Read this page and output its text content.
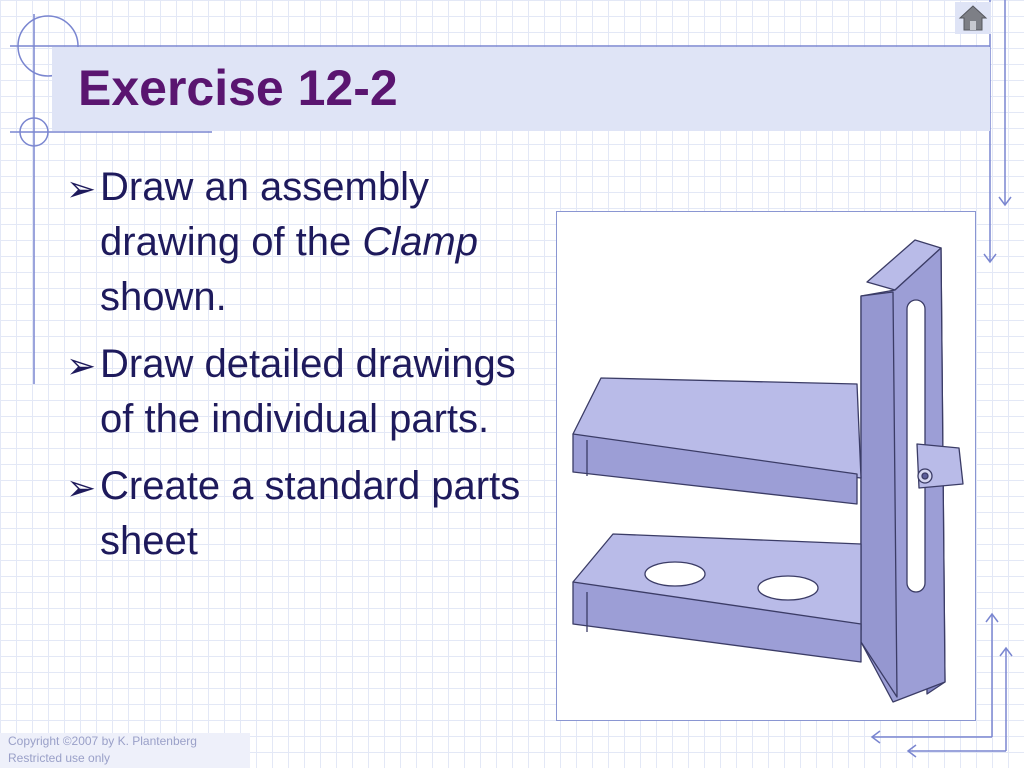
Exercise 12-2
➢ Draw an assembly drawing of the Clamp shown.
➢ Draw detailed drawings of the individual parts.
➢ Create a standard parts sheet
Copyright ©2007 by K. Plantenberg
Restricted use only
